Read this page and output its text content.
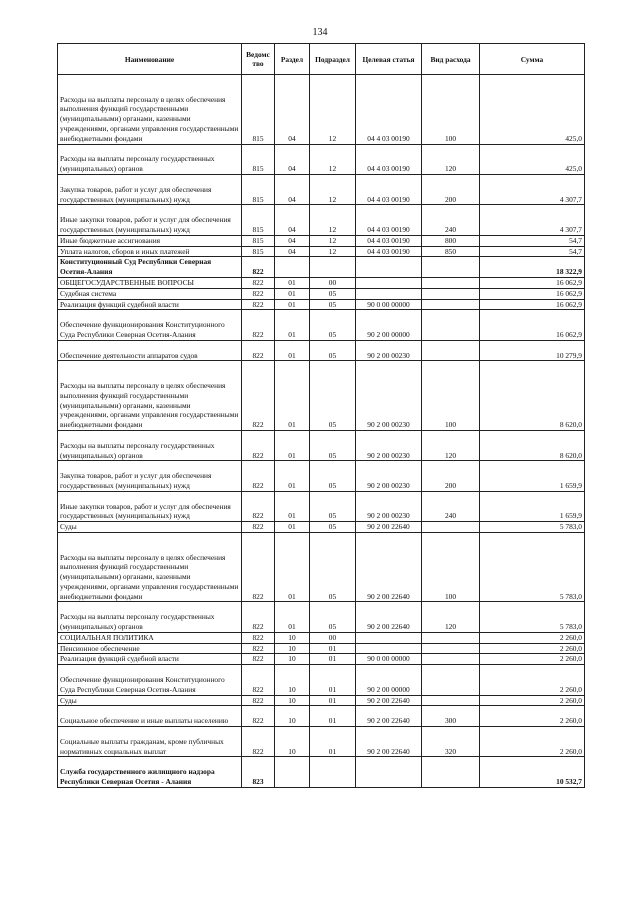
134
Наименование	Ведомс тво	Раздел	Подраздел	Целевая статья	Вид расхода	Сумма
Расходы на выплаты персоналу в целях обеспечения выполнения функций государственными (муниципальными) органами, казенными учреждениями, органами управления государственными внебюджетными фондами	815	04	12	04 4 03 00190	100	425,0
Расходы на выплаты персоналу государственных (муниципальных) органов	815	04	12	04 4 03 00190	120	425,0
Закупка товаров, работ и услуг для обеспечения государственных (муниципальных) нужд	815	04	12	04 4 03 00190	200	4 307,7
Иные закупки товаров, работ и услуг для обеспечения государственных (муниципальных) нужд	815	04	12	04 4 03 00190	240	4 307,7
Иные бюджетные ассигнования	815	04	12	04 4 03 00190	800	54,7
Уплата налогов, сборов и иных платежей	815	04	12	04 4 03 00190	850	54,7
Конституционный Суд Республики Северная Осетия-Алания	822					18 322,9
ОБЩЕГОСУДАРСТВЕННЫЕ ВОПРОСЫ	822	01	00			16 062,9
Судебная система	822	01	05			16 062,9
Реализация функций судебной власти	822	01	05	90 0 00 00000		16 062,9
Обеспечение функционирования Конституционного Суда Республики Северная Осетия-Алания	822	01	05	90 2 00 00000		16 062,9
Обеспечение деятельности аппаратов судов	822	01	05	90 2 00 00230		10 279,9
Расходы на выплаты персоналу в целях обеспечения выполнения функций государственными (муниципальными) органами, казенными учреждениями, органами управления государственными внебюджетными фондами	822	01	05	90 2 00 00230	100	8 620,0
Расходы на выплаты персоналу государственных (муниципальных) органов	822	01	05	90 2 00 00230	120	8 620,0
Закупка товаров, работ и услуг для обеспечения государственных (муниципальных) нужд	822	01	05	90 2 00 00230	200	1 659,9
Иные закупки товаров, работ и услуг для обеспечения государственных (муниципальных) нужд	822	01	05	90 2 00 00230	240	1 659,9
Суды	822	01	05	90 2 00 22640		5 783,0
Расходы на выплаты персоналу в целях обеспечения выполнения функций государственными (муниципальными) органами, казенными учреждениями, органами управления государственными внебюджетными фондами	822	01	05	90 2 00 22640	100	5 783,0
Расходы на выплаты персоналу государственных (муниципальных) органов	822	01	05	90 2 00 22640	120	5 783,0
СОЦИАЛЬНАЯ ПОЛИТИКА	822	10	00			2 260,0
Пенсионное обеспечение	822	10	01			2 260,0
Реализация функций судебной власти	822	10	01	90 0 00 00000		2 260,0
Обеспечение функционирования Конституционного Суда Республики Северная Осетия-Алания	822	10	01	90 2 00 00000		2 260,0
Суды	822	10	01	90 2 00 22640		2 260,0
Социальное обеспечение и иные выплаты населению	822	10	01	90 2 00 22640	300	2 260,0
Социальные выплаты гражданам, кроме публичных нормативных социальных выплат	822	10	01	90 2 00 22640	320	2 260,0
Служба государственного жилищного надзора Республики Северная Осетия - Алания	823					10 532,7
